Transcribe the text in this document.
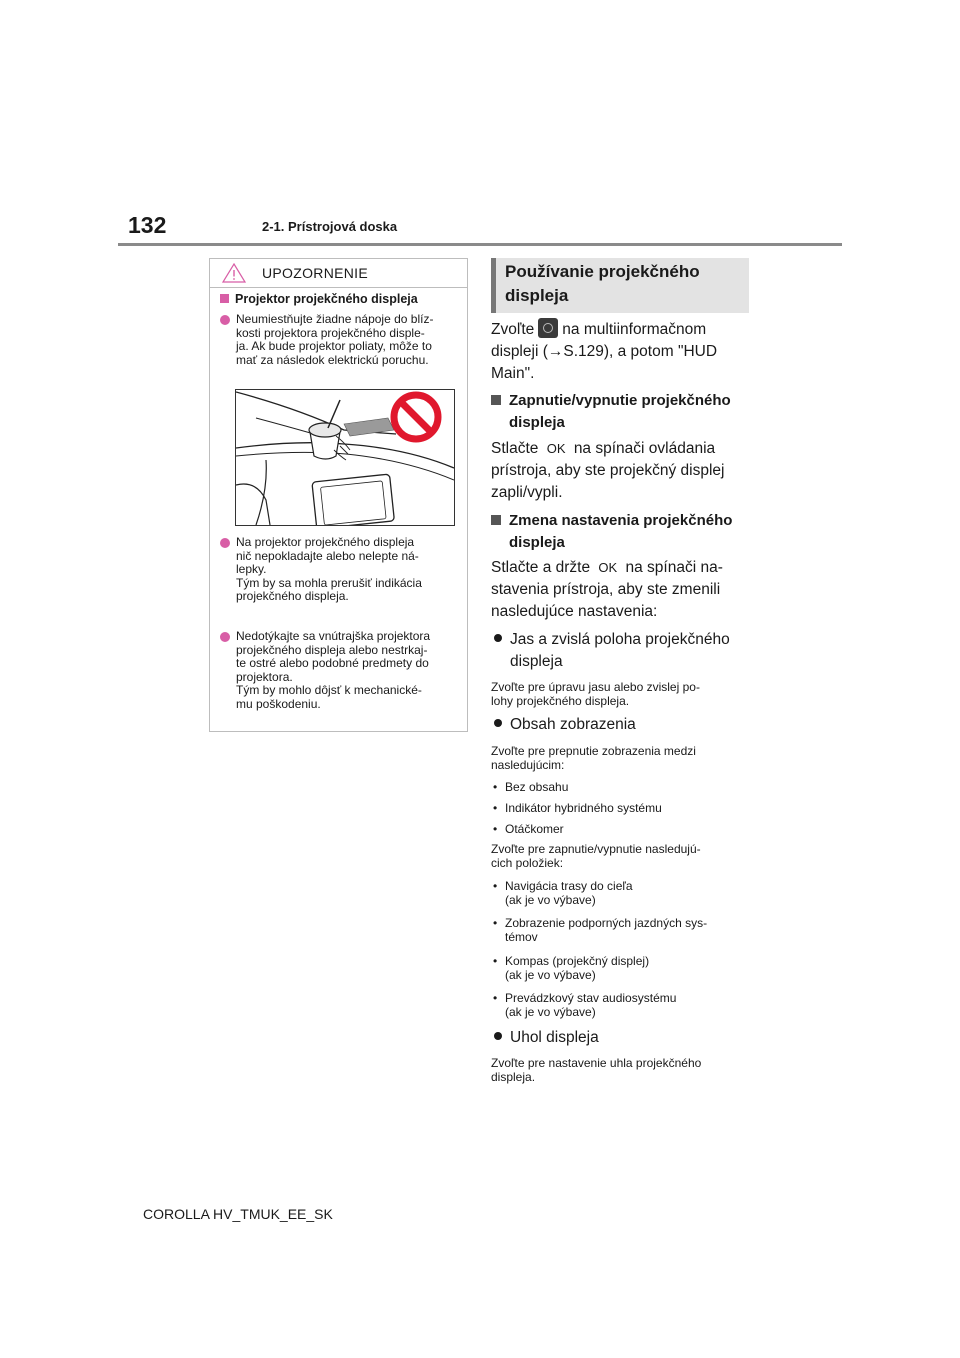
132	2-1. Prístrojová doska
UPOZORNENIE
Projektor projekčného displeja
Neumiestňujte žiadne nápoje do blíz-
kosti projektora projekčného disple-
ja. Ak bude projektor poliaty, môže to
mať za následok elektrickú poruchu.
Na projektor projekčného displeja
nič nepokladajte alebo nelepte ná-
lepky.
Tým by sa mohla prerušiť indikácia
projekčného displeja.
Nedotýkajte sa vnútrajška projektora
projekčného displeja alebo nestrkaj-
te ostré alebo podobné predmety do
projektora.
Tým by mohlo dôjsť k mechanické-
mu poškodeniu.
Používanie projekčného
displeja
Zvoľte na multiinformačnom
displeji (→S.129), a potom "HUD
Main".
Zapnutie/vypnutie projekčného
displeja
Stlačte OK na spínači ovládania
prístroja, aby ste projekčný displej
zapli/vypli.
Zmena nastavenia projekčného
displeja
Stlačte a držte OK na spínači na-
stavenia prístroja, aby ste zmenili
nasledujúce nastavenia:
Jas a zvislá poloha projekčného
displeja
Zvoľte pre úpravu jasu alebo zvislej po-
lohy projekčného displeja.
Obsah zobrazenia
Zvoľte pre prepnutie zobrazenia medzi
nasledujúcim:
• Bez obsahu
• Indikátor hybridného systému
• Otáčkomer
Zvoľte pre zapnutie/vypnutie nasledujú-
cich položiek:
• Navigácia trasy do cieľa
(ak je vo výbave)
• Zobrazenie podporných jazdných sys-
témov
• Kompas (projekčný displej)
(ak je vo výbave)
• Prevádzkový stav audiosystému
(ak je vo výbave)
Uhol displeja
Zvoľte pre nastavenie uhla projekčného
displeja.
COROLLA HV_TMUK_EE_SK
